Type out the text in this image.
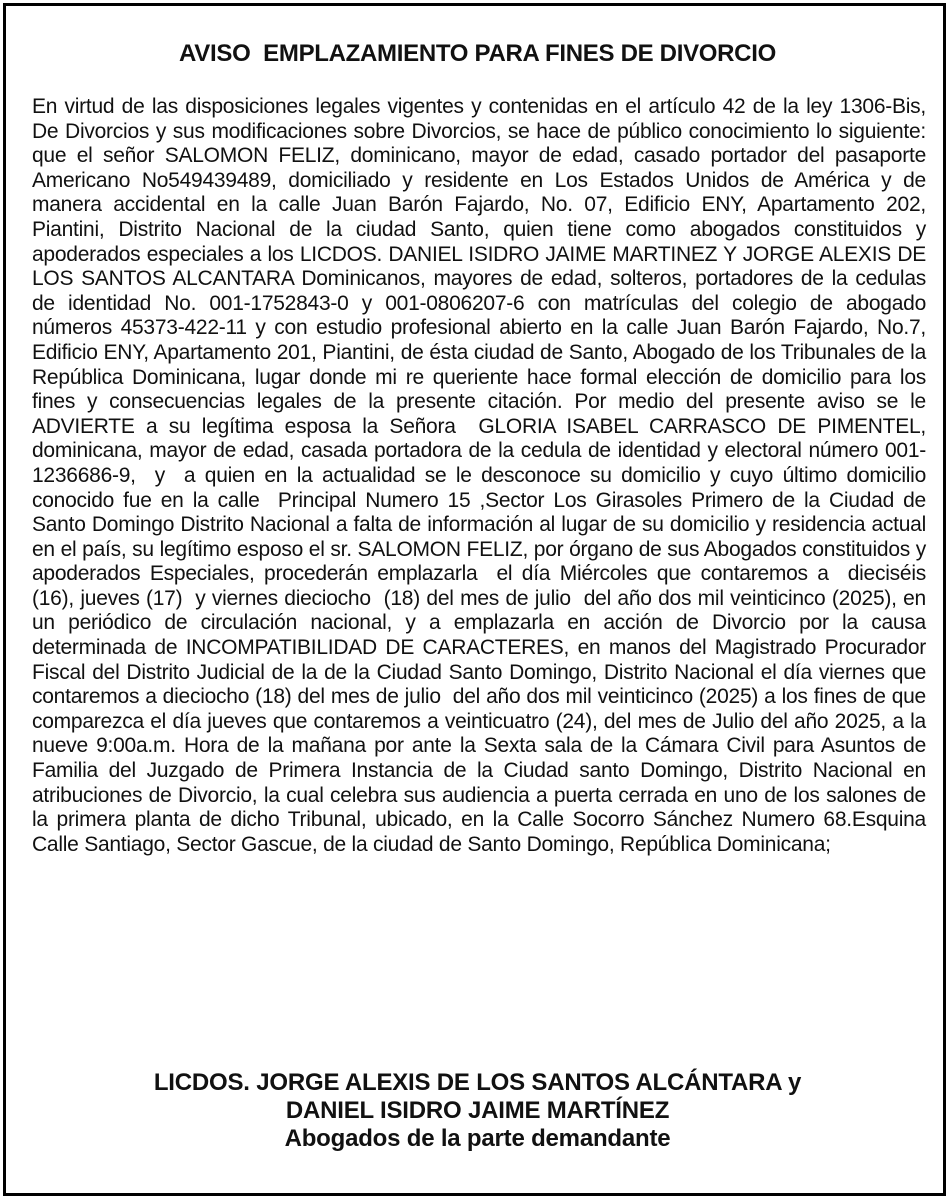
AVISO  EMPLAZAMIENTO PARA FINES DE DIVORCIO
En virtud de las disposiciones legales vigentes y contenidas en el artículo 42 de la ley 1306-Bis, De Divorcios y sus modificaciones sobre Divorcios, se hace de público conocimiento lo siguiente: que el señor SALOMON FELIZ, dominicano, mayor de edad, casado portador del pasaporte Americano No549439489, domiciliado y residente en Los Estados Unidos de América y de manera accidental en la calle Juan Barón Fajardo, No. 07, Edificio ENY, Apartamento 202, Piantini, Distrito Nacional de la ciudad Santo, quien tiene como abogados constituidos y apoderados especiales a los LICDOS. DANIEL ISIDRO JAIME MARTINEZ Y JORGE ALEXIS DE LOS SANTOS ALCANTARA Dominicanos, mayores de edad, solteros, portadores de la cedulas de identidad No. 001-1752843-0 y 001-0806207-6 con matrículas del colegio de abogado números 45373-422-11 y con estudio profesional abierto en la calle Juan Barón Fajardo, No.7, Edificio ENY, Apartamento 201, Piantini, de ésta ciudad de Santo, Abogado de los Tribunales de la República Dominicana, lugar donde mi re queriente hace formal elección de domicilio para los fines y consecuencias legales de la presente citación. Por medio del presente aviso se le ADVIERTE a su legítima esposa la Señora  GLORIA ISABEL CARRASCO DE PIMENTEL, dominicana, mayor de edad, casada portadora de la cedula de identidad y electoral número 001-1236686-9,  y  a quien en la actualidad se le desconoce su domicilio y cuyo último domicilio conocido fue en la calle  Principal Numero 15 ,Sector Los Girasoles Primero de la Ciudad de Santo Domingo Distrito Nacional a falta de información al lugar de su domicilio y residencia actual en el país, su legítimo esposo el sr. SALOMON FELIZ, por órgano de sus Abogados constituidos y apoderados Especiales, procederán emplazarla  el día Miércoles que contaremos a  dieciséis  (16), jueves (17)  y viernes dieciocho  (18) del mes de julio  del año dos mil veinticinco (2025), en un periódico de circulación nacional, y a emplazarla en acción de Divorcio por la causa determinada de INCOMPATIBILIDAD DE CARACTERES, en manos del Magistrado Procurador Fiscal del Distrito Judicial de la de la Ciudad Santo Domingo, Distrito Nacional el día viernes que contaremos a dieciocho (18) del mes de julio  del año dos mil veinticinco (2025) a los fines de que comparezca el día jueves que contaremos a veinticuatro (24), del mes de Julio del año 2025, a la  nueve 9:00a.m. Hora de la mañana por ante la Sexta sala de la Cámara Civil para Asuntos de Familia del Juzgado de Primera Instancia de la Ciudad santo Domingo, Distrito Nacional en atribuciones de Divorcio, la cual celebra sus audiencia a puerta cerrada en uno de los salones de la primera planta de dicho Tribunal, ubicado, en la Calle Socorro Sánchez Numero 68.Esquina Calle Santiago, Sector Gascue, de la ciudad de Santo Domingo, República Dominicana;
LICDOS. JORGE ALEXIS DE LOS SANTOS ALCÁNTARA y
DANIEL ISIDRO JAIME MARTÍNEZ
Abogados de la parte demandante
